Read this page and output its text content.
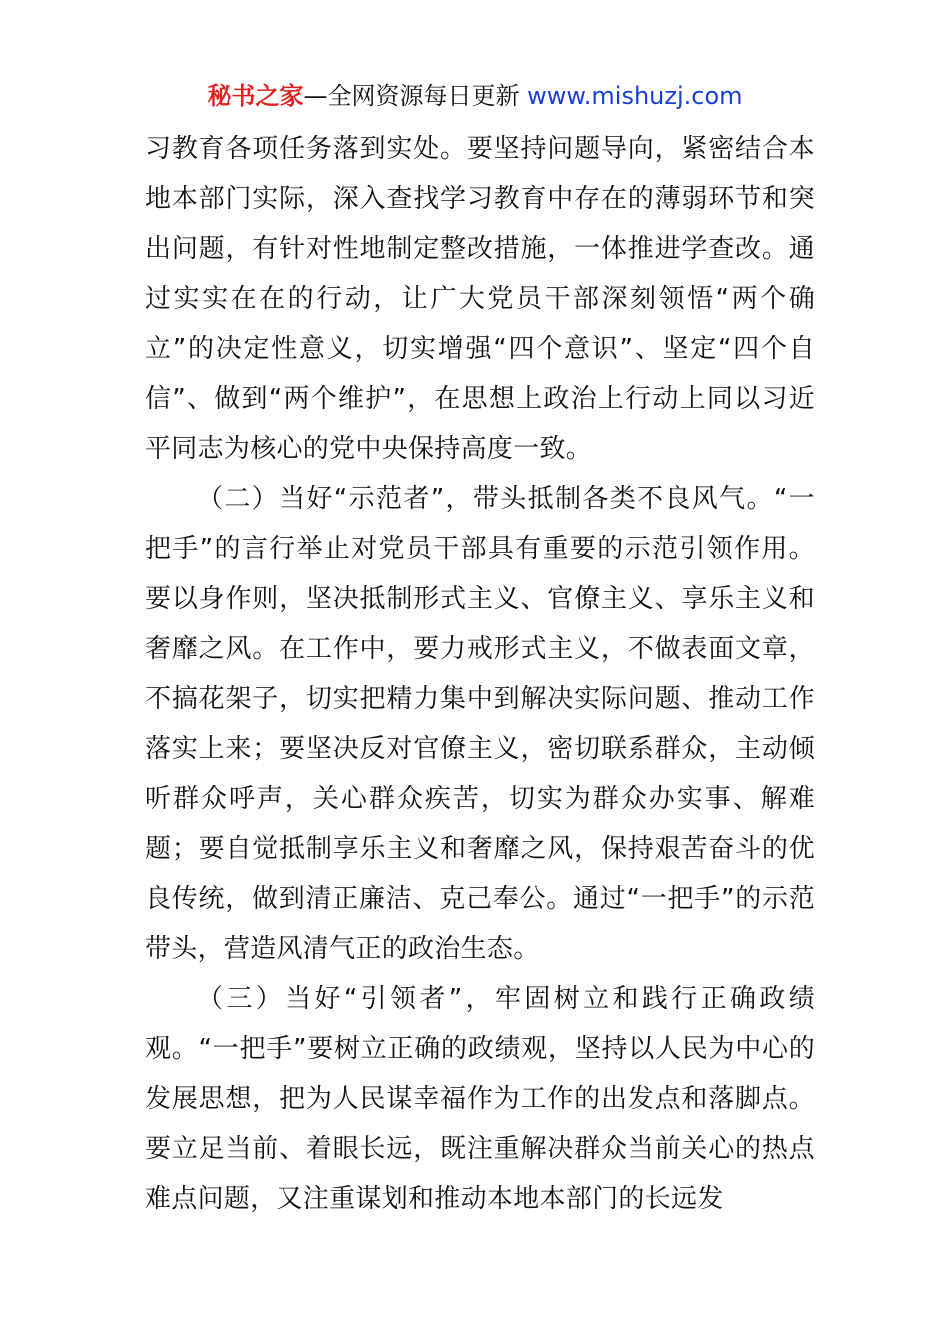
秘书之家—全网资源每日更新 www.mishuzj.com

习教育各项任务落到实处。要坚持问题导向，紧密结合本地本部门实际，深入查找学习教育中存在的薄弱环节和突出问题，有针对性地制定整改措施，一体推进学查改。通过实实在在的行动，让广大党员干部深刻领悟“两个确立”的决定性意义，切实增强“四个意识”、坚定“四个自信”、做到“两个维护”，在思想上政治上行动上同以习近平同志为核心的党中央保持高度一致。

（二）当好“示范者”，带头抵制各类不良风气。“一把手”的言行举止对党员干部具有重要的示范引领作用。要以身作则，坚决抵制形式主义、官僚主义、享乐主义和奢靡之风。在工作中，要力戒形式主义，不做表面文章，不搞花架子，切实把精力集中到解决实际问题、推动工作落实上来；要坚决反对官僚主义，密切联系群众，主动倾听群众呼声，关心群众疾苦，切实为群众办实事、解难题；要自觉抵制享乐主义和奢靡之风，保持艰苦奋斗的优良传统，做到清正廉洁、克己奉公。通过“一把手”的示范带头，营造风清气正的政治生态。

（三）当好“引领者”，牢固树立和践行正确政绩观。“一把手”要树立正确的政绩观，坚持以人民为中心的发展思想，把为人民谋幸福作为工作的出发点和落脚点。要立足当前、着眼长远，既注重解决群众当前关心的热点难点问题，又注重谋划和推动本地本部门的长远发
